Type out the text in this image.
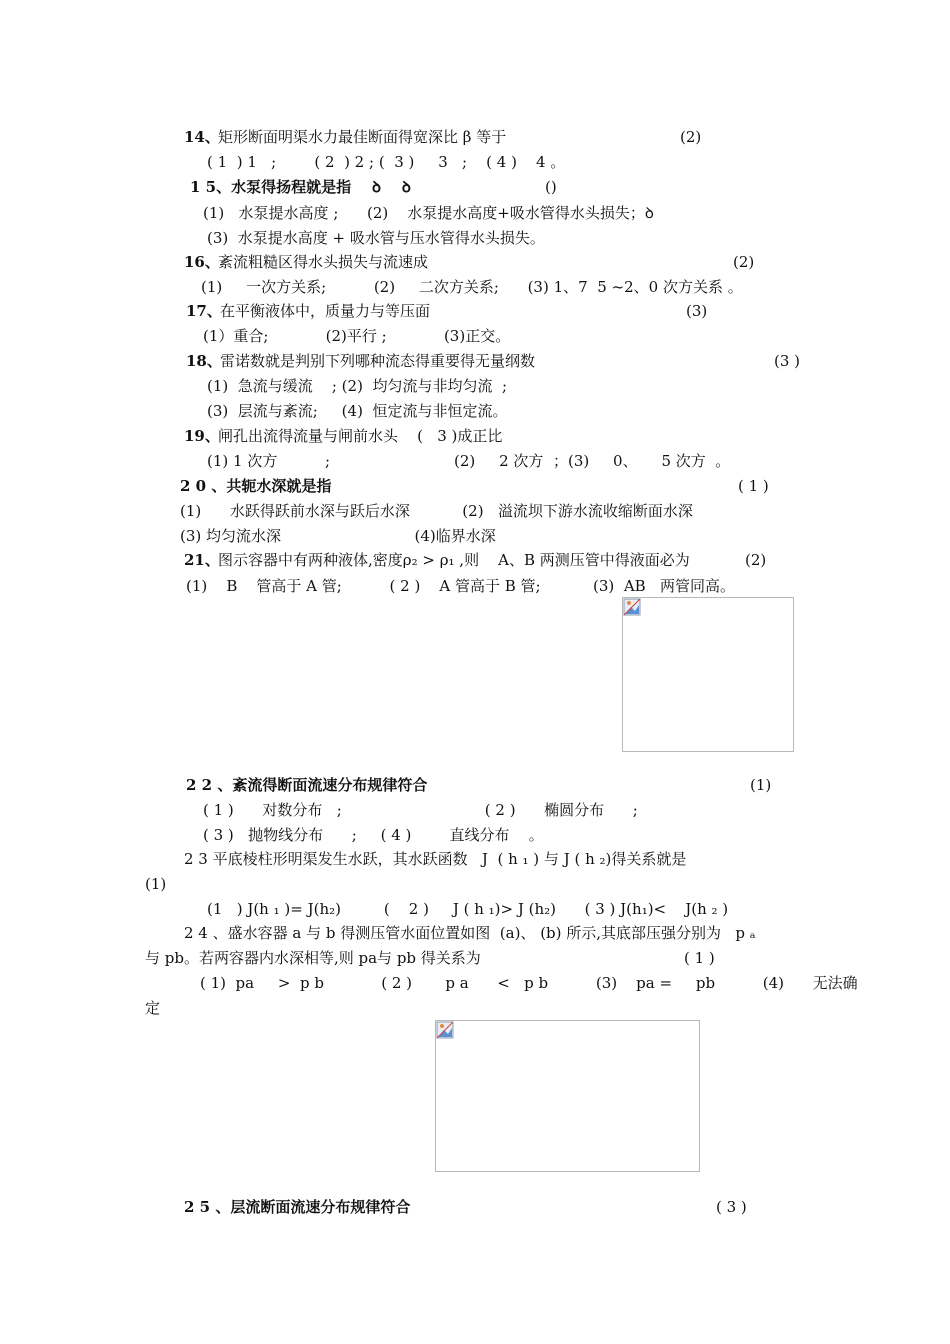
14、
矩形断面明渠水力最佳断面得宽深比 β 等于	(2)
( 1  ) 1   ;        ( 2  ) 2 ; (  3 )     3   ;    ( 4 )    4 。
1 5、水泵得扬程就是指    ꝺ    ꝺ	()
(1)   水泵提水高度 ;      (2)    水泵提水高度+吸水管得水头损失；ꝺ
(3)  水泵提水高度 + 吸水管与压水管得水头损失。
16、
紊流粗糙区得水头损失与流速成	(2)
(1)     一次方关系;          (2)     二次方关系;      (3) 1、7  5 ~2、0 次方关系 。
17、
在平衡液体中，质量力与等压面	(3)
(1）重合;            (2)平行 ;            (3)正交。
18、
雷诺数就是判别下列哪种流态得重要得无量纲数	(3 )
(1)  急流与缓流    ; (2)  均匀流与非均匀流  ;
(3)  层流与紊流;     (4)  恒定流与非恒定流。
19、
闸孔出流得流量与闸前水头    (   3 )成正比
(1) 1 次方          ;                          (2)     2 次方  ；(3)     0、     5 次方  。
2 0 、共轭水深就是指	( 1 )
(1)      水跃得跃前水深与跃后水深           (2)   溢流坝下游水流收缩断面水深
(3) 均匀流水深                            (4)临界水深
21、
图示容器中有两种液体,密度ρ₂ > ρ₁ ,则    A、B 两测压管中得液面必为	(2)
(1)    B    管高于 A 管;          ( 2 )    A 管高于 B 管;           (3)  AB   两管同高。
2 2 、紊流得断面流速分布规律符合	(1)
( 1 )      对数分布   ;                              ( 2 )      椭圆分布      ;
( 3 )   抛物线分布      ;     ( 4 )        直线分布    。
2 3 平底棱柱形明渠发生水跃，其水跃函数   J  ( h ₁ ) 与 J ( h ₂)得关系就是
(1)
(1   ) J(h ₁ )= J(h₂)         (    2 )     J ( h ₁)> J (h₂)      ( 3 ) J(h₁)<    J(h ₂ )
2 4 、盛水容器 a 与 b 得测压管水面位置如图  (a)、 (b) 所示,其底部压强分别为   p ₐ
与 pb。若两容器内水深相等,则 pa与 pb 得关系为	( 1 )
( 1)  pa     >  p b            ( 2 )       p a      <   p b          (3)    pa =     pb          (4)      无法确
定
2 5 、层流断面流速分布规律符合	( 3 )
